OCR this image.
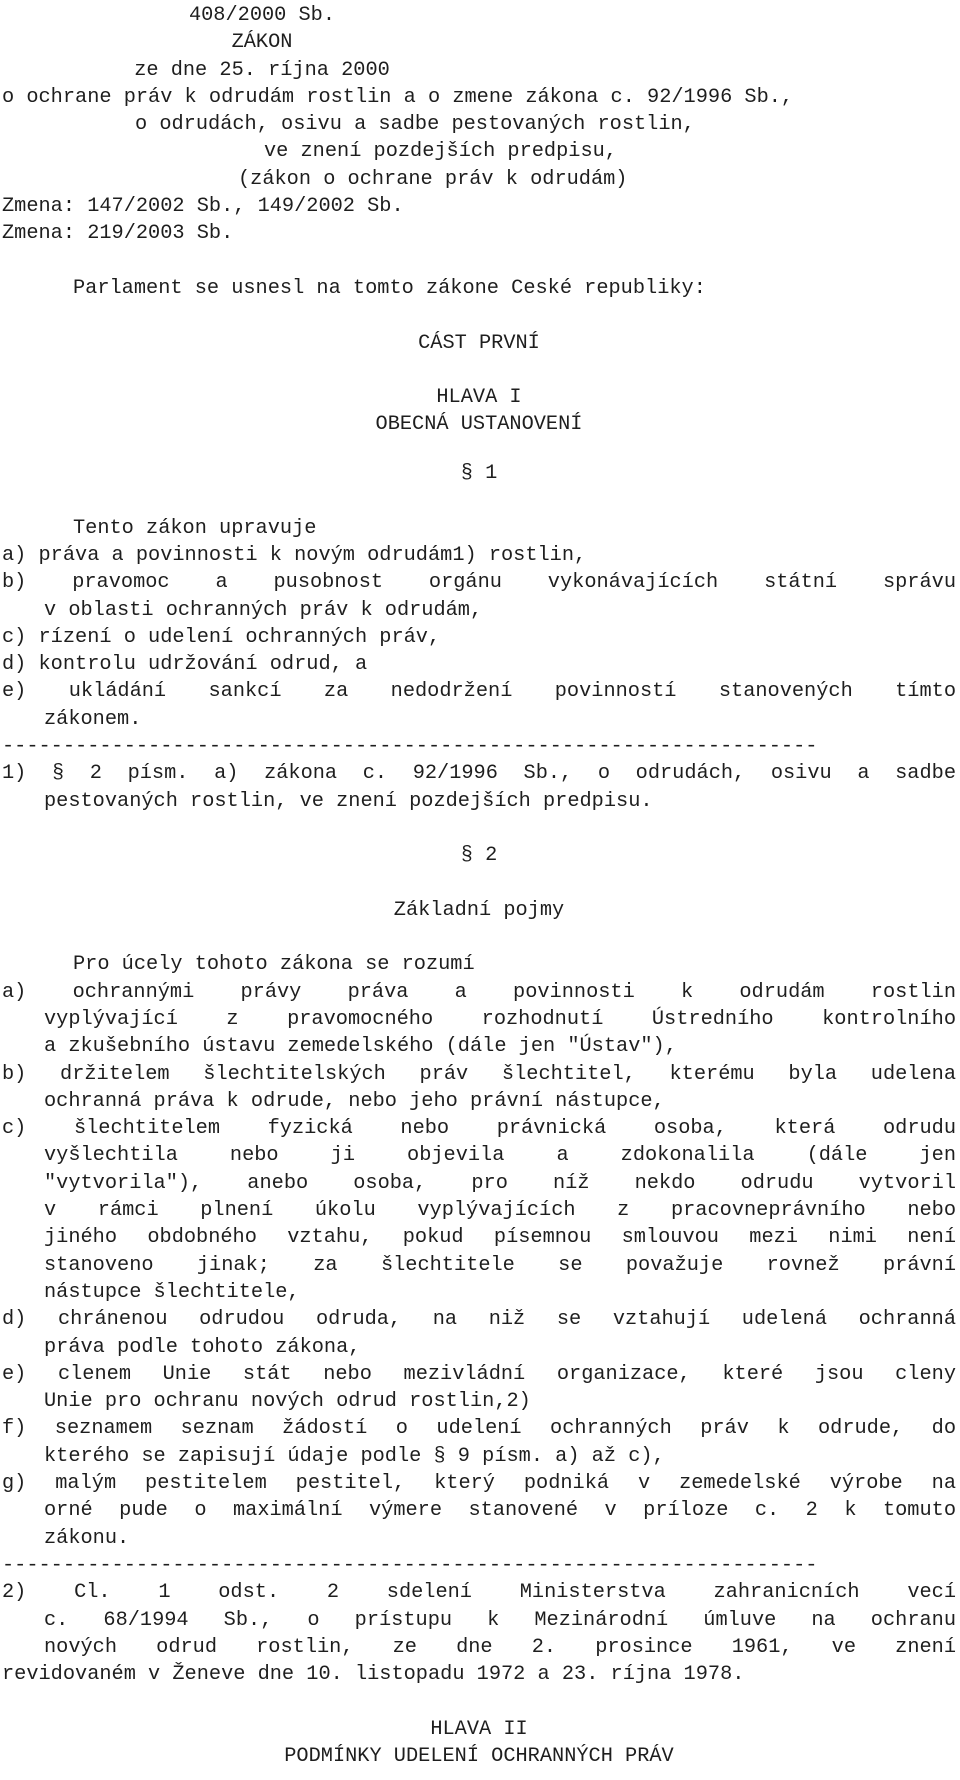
408/2000 Sb.
ZÁKON
ze dne 25. ríjna 2000
o ochrane práv k odrudám rostlin a o zmene zákona c. 92/1996 Sb.,
o odrudách, osivu a sadbe pestovaných rostlin,
ve znení pozdejších predpisu,
(zákon o ochrane práv k odrudám)
Zmena: 147/2002 Sb., 149/2002 Sb.
Zmena: 219/2003 Sb.
Parlament se usnesl na tomto zákone Ceské republiky:
CÁST PRVNÍ
HLAVA I
OBECNÁ USTANOVENÍ
§ 1
Tento zákon upravuje
a) práva a povinnosti k novým odrudám1) rostlin,
b) pravomoc a pusobnost orgánu vykonávajících státní správu
v oblasti ochranných práv k odrudám,
c) rízení o udelení ochranných práv,
d) kontrolu udržování odrud, a
e) ukládání sankcí za nedodržení povinností stanovených tímto
zákonem.
-------------------------------------------------------------------
1) § 2 písm. a) zákona c. 92/1996 Sb., o odrudách, osivu a sadbe
pestovaných rostlin, ve znení pozdejších predpisu.
§ 2
Základní pojmy
Pro úcely tohoto zákona se rozumí
a) ochrannými právy práva a povinnosti k odrudám rostlin
vyplývající z pravomocného rozhodnutí Ústredního kontrolního
a zkušebního ústavu zemedelského (dále jen "Ústav"),
b) držitelem šlechtitelských práv šlechtitel, kterému byla udelena
ochranná práva k odrude, nebo jeho právní nástupce,
c) šlechtitelem fyzická nebo právnická osoba, která odrudu
vyšlechtila nebo ji objevila a zdokonalila (dále jen
"vytvorila"), anebo osoba, pro níž nekdo odrudu vytvoril
v rámci plnení úkolu vyplývajících z pracovneprávního nebo
jiného obdobného vztahu, pokud písemnou smlouvou mezi nimi není
stanoveno jinak; za šlechtitele se považuje rovnež právní
nástupce šlechtitele,
d) chránenou odrudou odruda, na niž se vztahují udelená ochranná
práva podle tohoto zákona,
e) clenem Unie stát nebo mezivládní organizace, které jsou cleny
Unie pro ochranu nových odrud rostlin,2)
f) seznamem seznam žádostí o udelení ochranných práv k odrude, do
kterého se zapisují údaje podle § 9 písm. a) až c),
g) malým pestitelem pestitel, který podniká v zemedelské výrobe na
orné pude o maximální výmere stanovené v príloze c. 2 k tomuto
zákonu.
-------------------------------------------------------------------
2) Cl. 1 odst. 2 sdelení Ministerstva zahranicních vecí
c. 68/1994 Sb., o prístupu k Mezinárodní úmluve na ochranu
nových odrud rostlin, ze dne 2. prosince 1961, ve znení
revidovaném v Ženeve dne 10. listopadu 1972 a 23. ríjna 1978.
HLAVA II
PODMÍNKY UDELENÍ OCHRANNÝCH PRÁV
